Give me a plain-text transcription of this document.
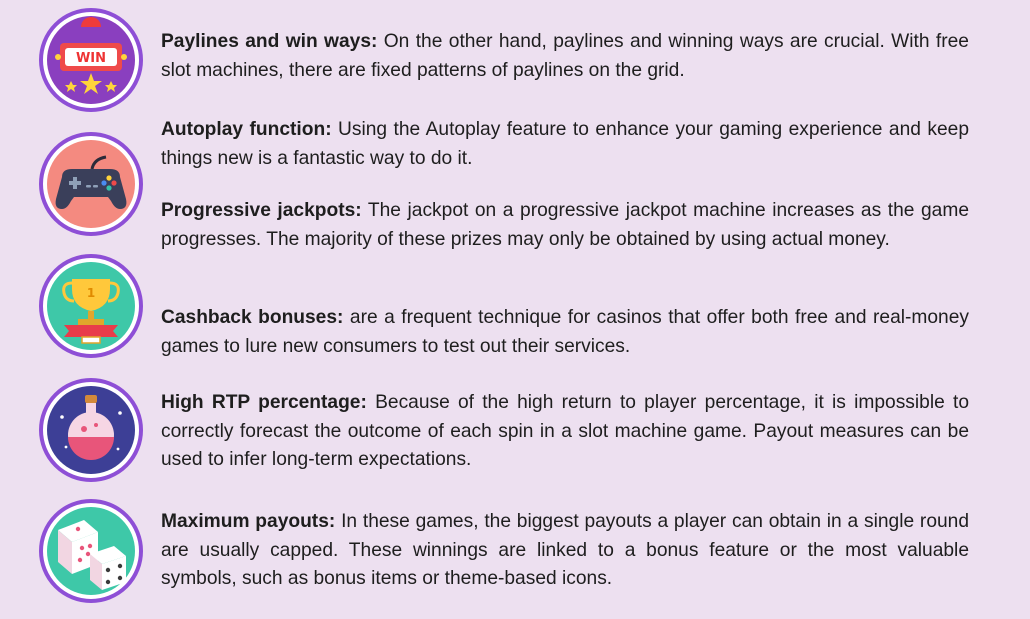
WIN
1
Paylines and win ways: On the other hand, paylines and winning ways are crucial. With free slot machines, there are fixed patterns of paylines on the grid.
Autoplay function: Using the Autoplay feature to enhance your gaming experience and keep things new is a fantastic way to do it.
Progressive jackpots: The jackpot on a progressive jackpot machine increases as the game progresses. The majority of these prizes may only be obtained by using actual money.
Cashback bonuses: are a frequent technique for casinos that offer both free and real-money games to lure new consumers to test out their services.
High RTP percentage: Because of the high return to player percentage, it is impossible to correctly forecast the outcome of each spin in a slot machine game. Payout measures can be used to infer long-term expectations.
Maximum payouts: In these games, the biggest payouts a player can obtain in a single round are usually capped. These winnings are linked to a bonus feature or the most valuable symbols, such as bonus items or theme-based icons.
